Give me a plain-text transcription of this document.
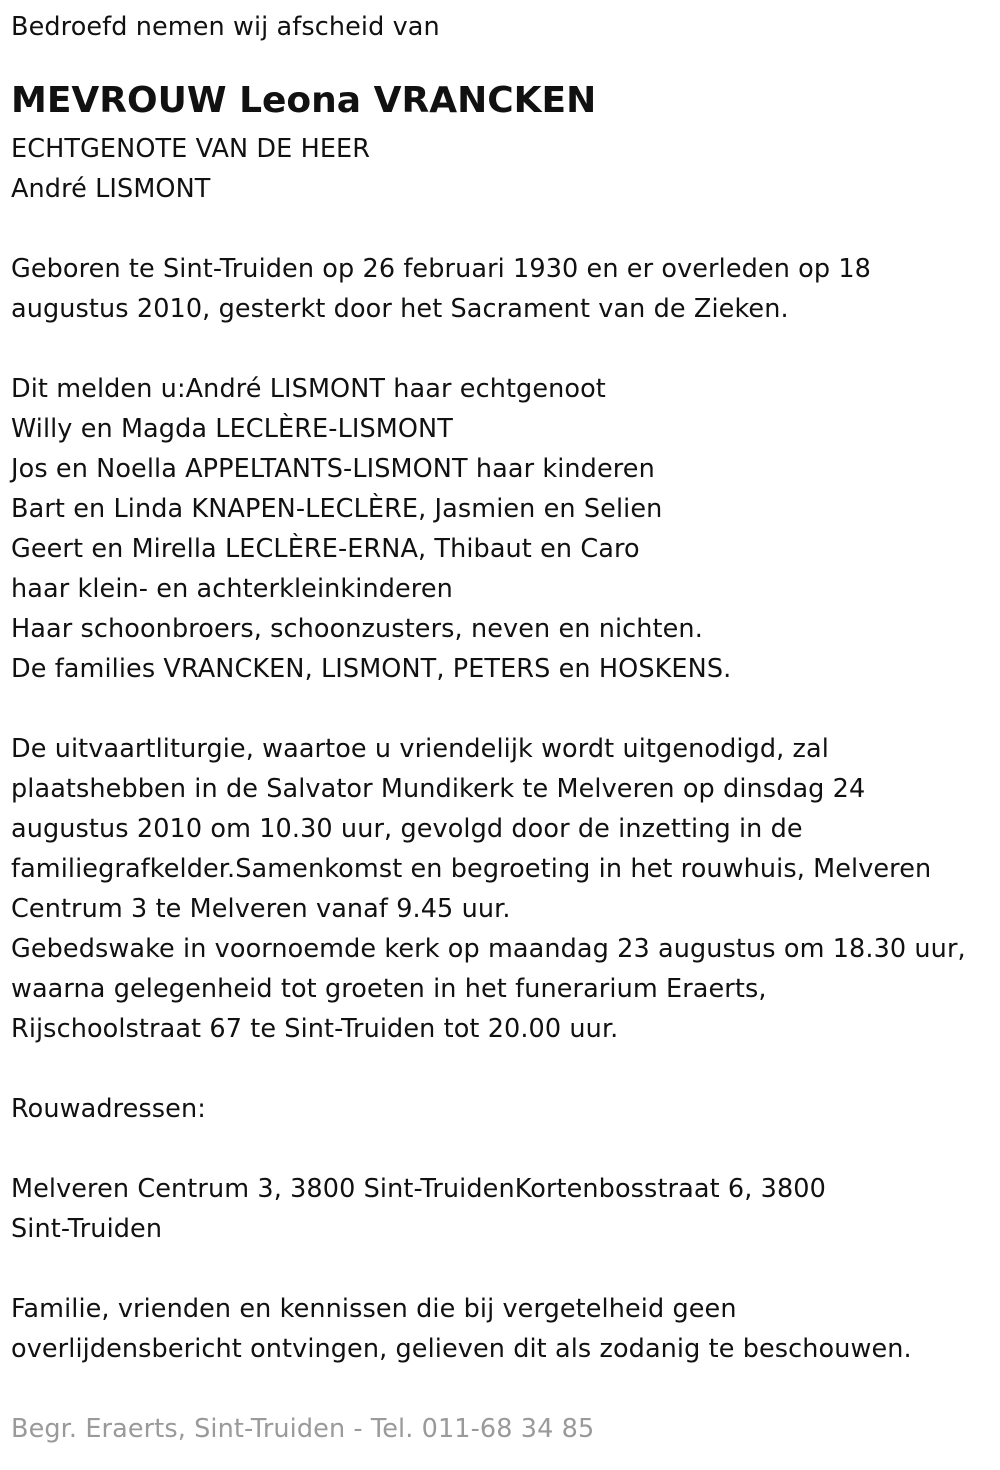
Bedroefd nemen wij afscheid van
MEVROUW Leona VRANCKEN
ECHTGENOTE VAN DE HEER
André LISMONT
Geboren te Sint-Truiden op 26 februari 1930 en er overleden op 18
augustus 2010, gesterkt door het Sacrament van de Zieken.
Dit melden u:André LISMONT haar echtgenoot
Willy en Magda LECLÈRE-LISMONT
Jos en Noella APPELTANTS-LISMONT haar kinderen
Bart en Linda KNAPEN-LECLÈRE, Jasmien en Selien
Geert en Mirella LECLÈRE-ERNA, Thibaut en Caro
haar klein- en achterkleinkinderen
Haar schoonbroers, schoonzusters, neven en nichten.
De families VRANCKEN, LISMONT, PETERS en HOSKENS.
De uitvaartliturgie, waartoe u vriendelijk wordt uitgenodigd, zal
plaatshebben in de Salvator Mundikerk te Melveren op dinsdag 24
augustus 2010 om 10.30 uur, gevolgd door de inzetting in de
familiegrafkelder.Samenkomst en begroeting in het rouwhuis, Melveren
Centrum 3 te Melveren vanaf 9.45 uur.
Gebedswake in voornoemde kerk op maandag 23 augustus om 18.30 uur,
waarna gelegenheid tot groeten in het funerarium Eraerts,
Rijschoolstraat 67 te Sint-Truiden tot 20.00 uur.
Rouwadressen:
Melveren Centrum 3, 3800 Sint-TruidenKortenbosstraat 6, 3800
Sint-Truiden
Familie, vrienden en kennissen die bij vergetelheid geen
overlijdensbericht ontvingen, gelieven dit als zodanig te beschouwen.
Begr. Eraerts, Sint-Truiden - Tel. 011-68 34 85
